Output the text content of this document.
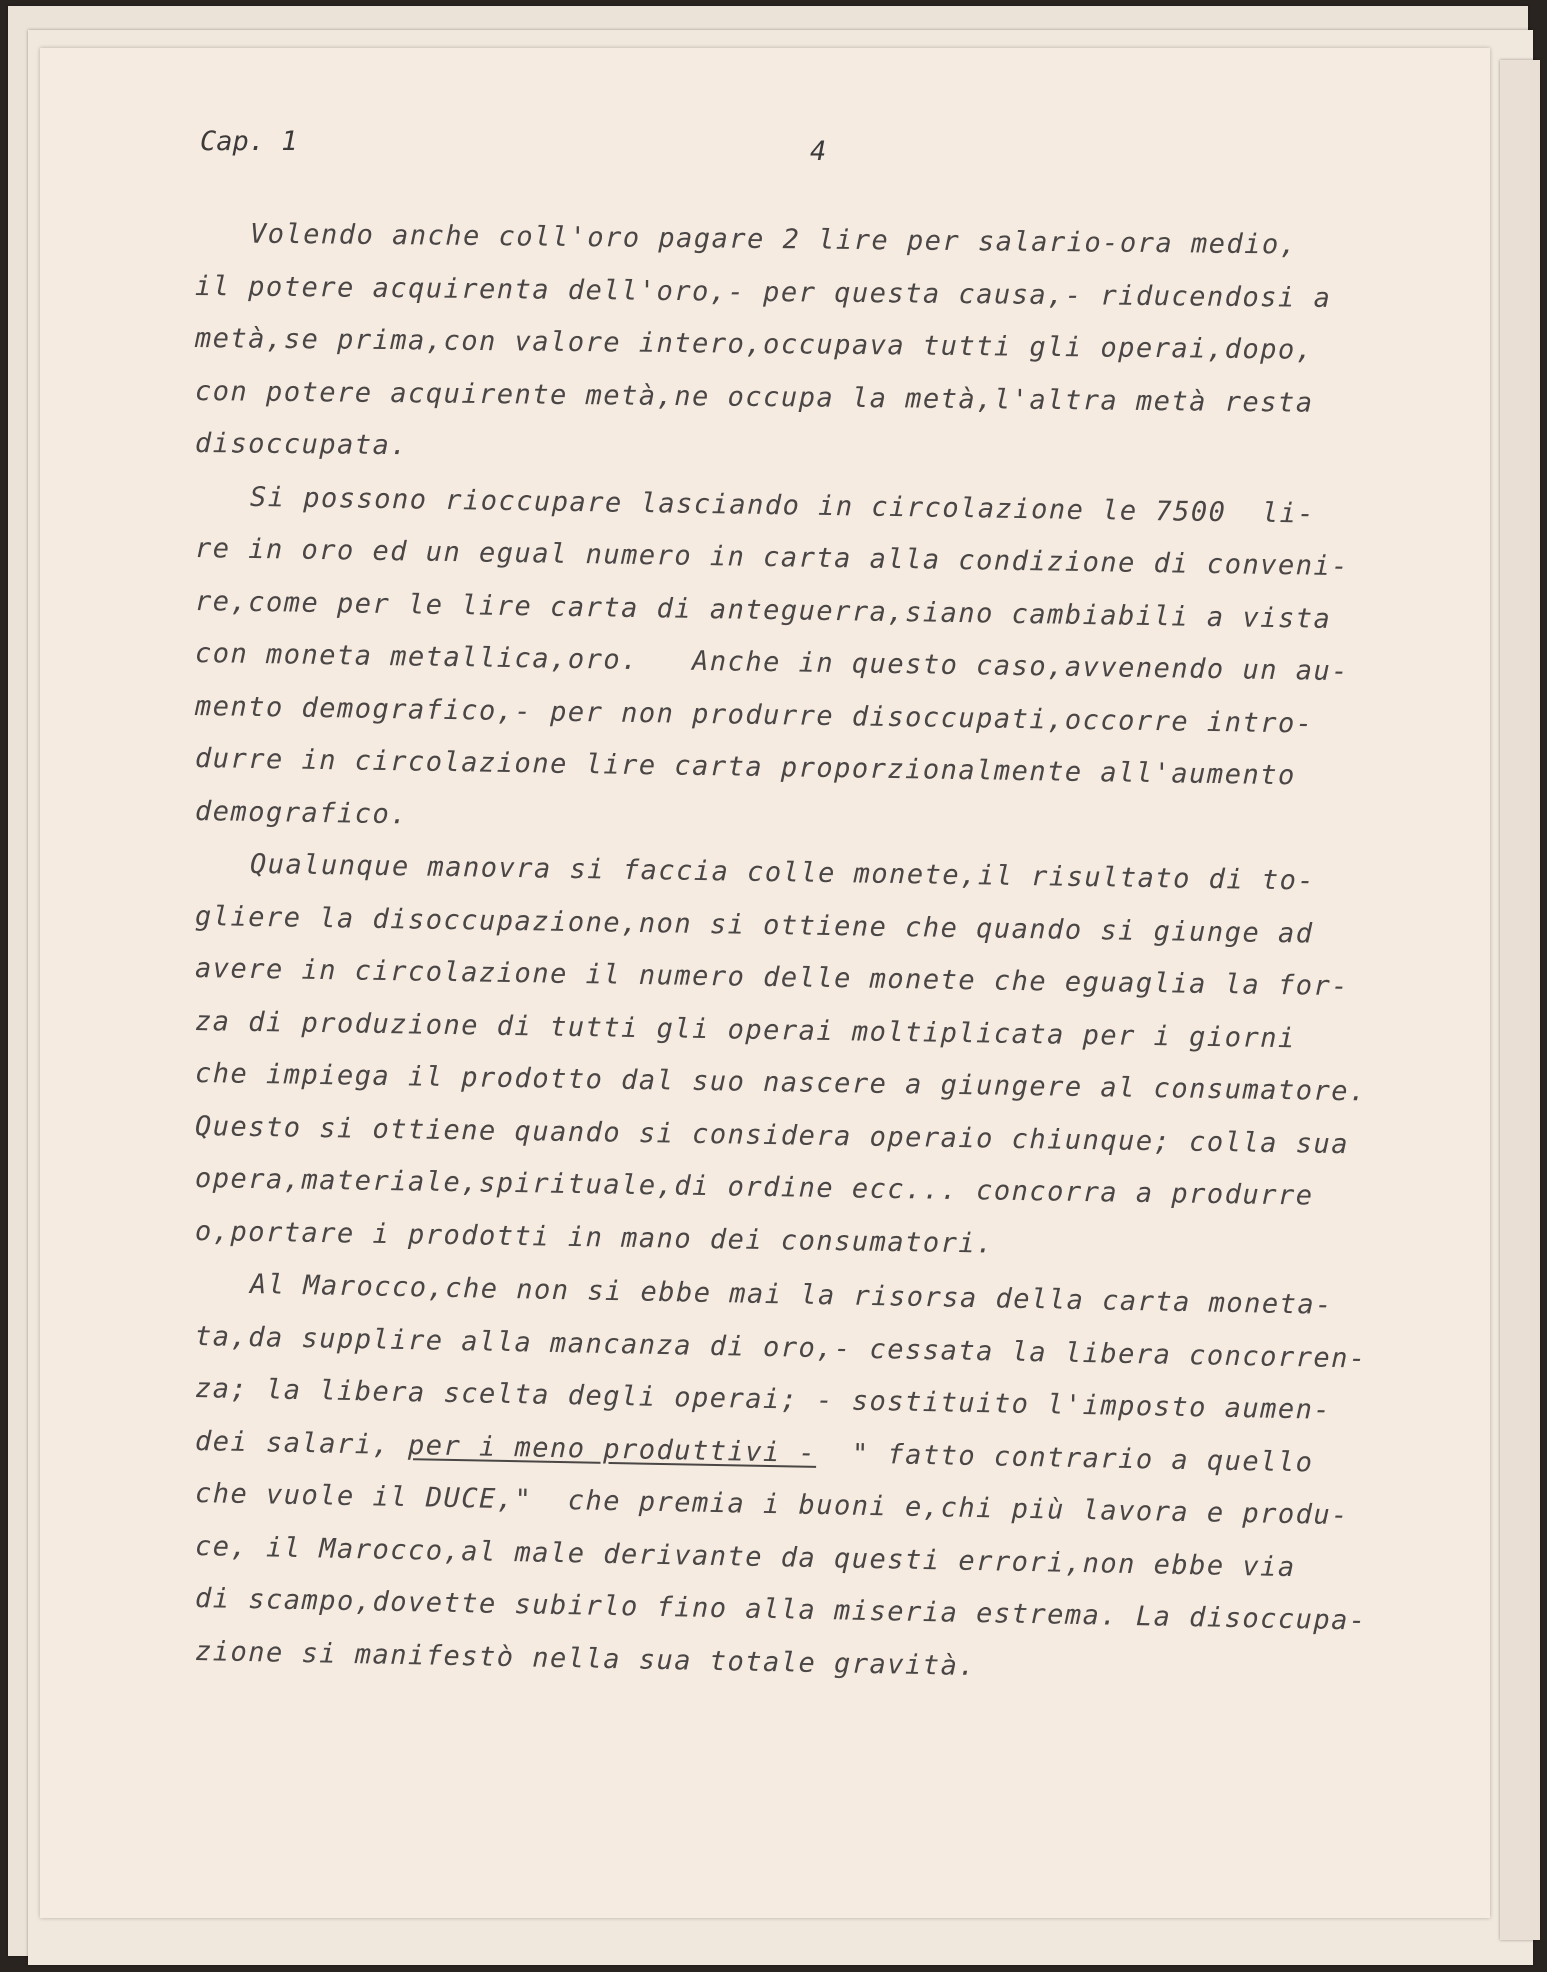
Cap. 1	4
Volendo anche coll'oro pagare 2 lire per salario-ora medio,
il potere acquirenta dell'oro,- per questa causa,- riducendosi a
metà,se prima,con valore intero,occupava tutti gli operai,dopo,
con potere acquirente metà,ne occupa la metà,l'altra metà resta
disoccupata.
Si possono rioccupare lasciando in circolazione le 7500  li-
re in oro ed un egual numero in carta alla condizione di conveni-
re,come per le lire carta di anteguerra,siano cambiabili a vista
con moneta metallica,oro.   Anche in questo caso,avvenendo un au-
mento demografico,- per non produrre disoccupati,occorre intro-
durre in circolazione lire carta proporzionalmente all'aumento
demografico.
Qualunque manovra si faccia colle monete,il risultato di to-
gliere la disoccupazione,non si ottiene che quando si giunge ad
avere in circolazione il numero delle monete che eguaglia la for-
za di produzione di tutti gli operai moltiplicata per i giorni
che impiega il prodotto dal suo nascere a giungere al consumatore.
Questo si ottiene quando si considera operaio chiunque; colla sua
opera,materiale,spirituale,di ordine ecc... concorra a produrre
o,portare i prodotti in mano dei consumatori.
Al Marocco,che non si ebbe mai la risorsa della carta moneta-
ta,da supplire alla mancanza di oro,- cessata la libera concorren-
za; la libera scelta degli operai; - sostituito l'imposto aumen-
dei salari, per i meno produttivi -  " fatto contrario a quello
che vuole il DUCE,"  che premia i buoni e,chi più lavora e produ-
ce, il Marocco,al male derivante da questi errori,non ebbe via
di scampo,dovette subirlo fino alla miseria estrema. La disoccupa-
zione si manifestò nella sua totale gravità.
